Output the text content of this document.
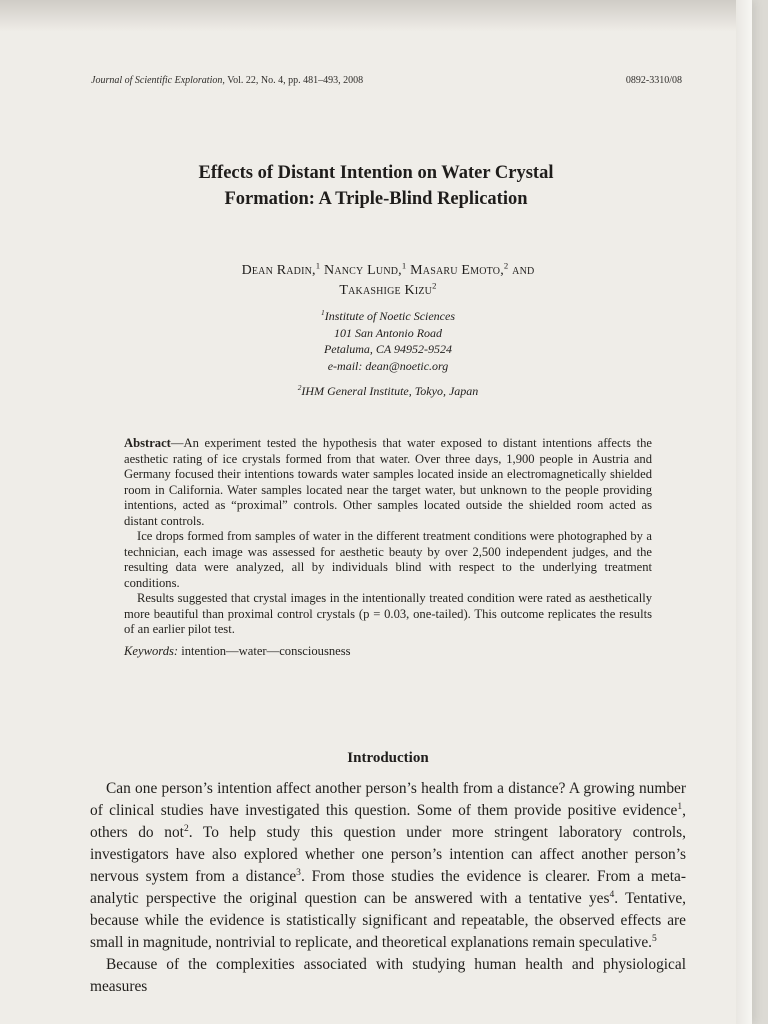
Journal of Scientific Exploration, Vol. 22, No. 4, pp. 481–493, 2008	0892-3310/08
Effects of Distant Intention on Water Crystal
Formation: A Triple-Blind Replication
Dean Radin,$^1$ Nancy Lund,$^1$ Masaru Emoto,$^2$ and
Takashige Kizu$^2$
$^1$Institute of Noetic Sciences
101 San Antonio Road
Petaluma, CA 94952-9524
e-mail: dean@noetic.org
$^2$IHM General Institute, Tokyo, Japan

Abstract—An experiment tested the hypothesis that water exposed to distant intentions affects the aesthetic rating of ice crystals formed from that water. Over three days, 1,900 people in Austria and Germany focused their intentions towards water samples located inside an electromagnetically shielded room in California. Water samples located near the target water, but unknown to the people providing intentions, acted as “proximal” controls. Other samples located outside the shielded room acted as distant controls.

Ice drops formed from samples of water in the different treatment conditions were photographed by a technician, each image was assessed for aesthetic beauty by over 2,500 independent judges, and the resulting data were analyzed, all by individuals blind with respect to the underlying treatment conditions.

Results suggested that crystal images in the intentionally treated condition were rated as aesthetically more beautiful than proximal control crystals (p = 0.03, one-tailed). This outcome replicates the results of an earlier pilot test.

Keywords: intention—water—consciousness

Introduction

Can one person’s intention affect another person’s health from a distance? A growing number of clinical studies have investigated this question. Some of them provide positive evidence$^1$, others do not$^2$. To help study this question under more stringent laboratory controls, investigators have also explored whether one person’s intention can affect another person’s nervous system from a distance$^3$. From those studies the evidence is clearer. From a meta-analytic perspective the original question can be answered with a tentative yes$^4$. Tentative, because while the evidence is statistically significant and repeatable, the observed effects are small in magnitude, nontrivial to replicate, and theoretical explanations remain speculative.$^5$

Because of the complexities associated with studying human health and physiological measures
